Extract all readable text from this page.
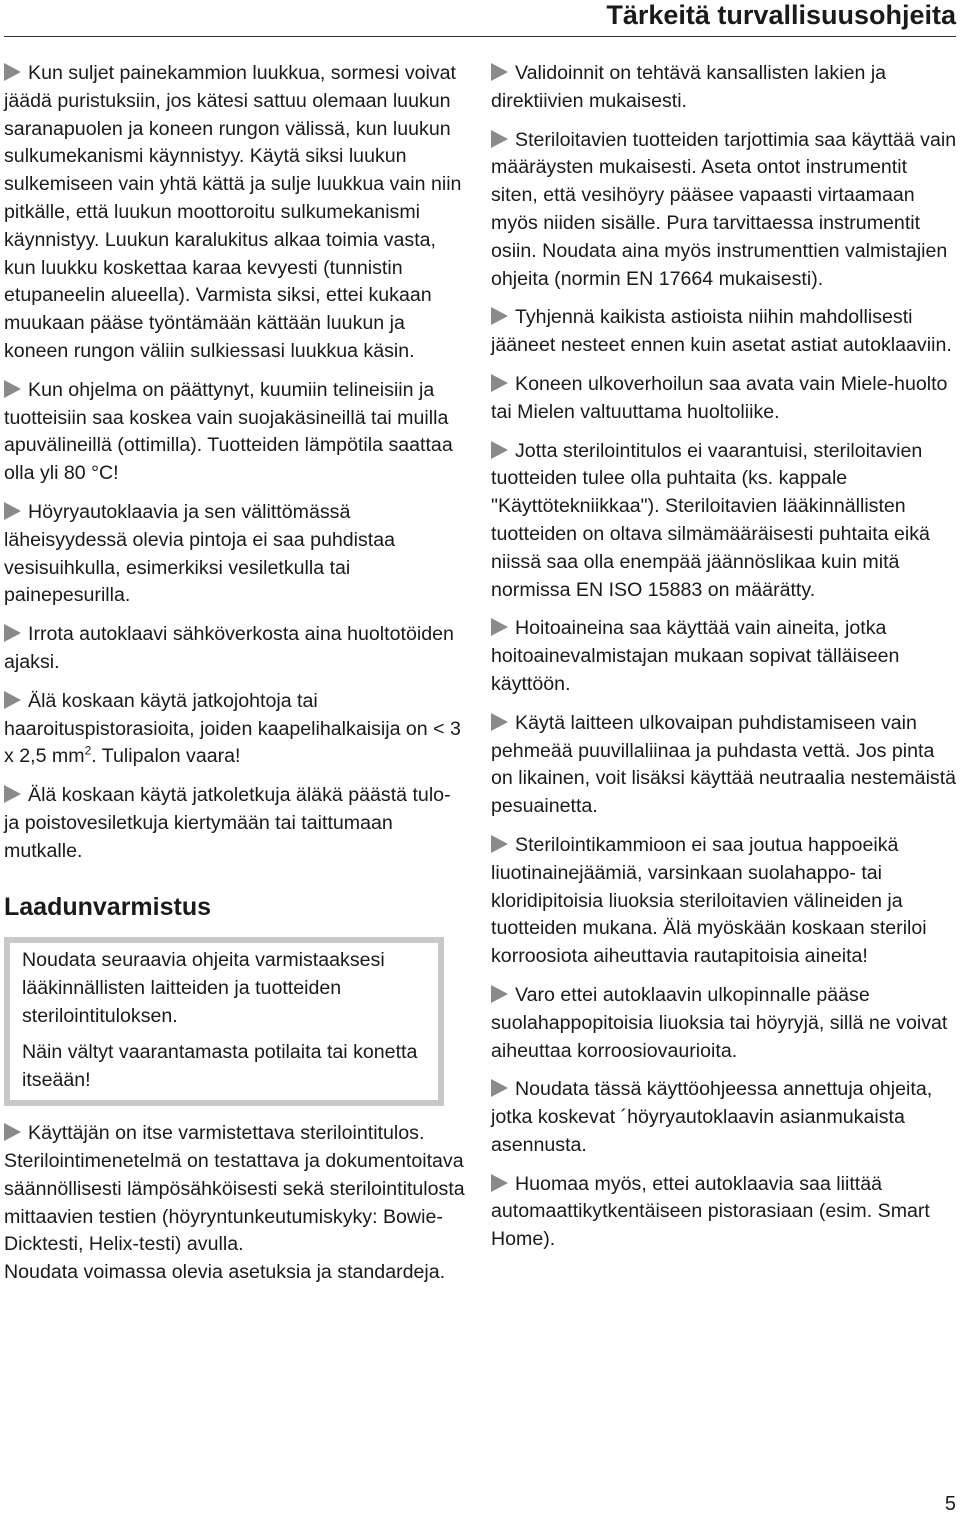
Tärkeitä turvallisuusohjeita

Kun suljet painekammion luukkua, sormesi voivat jäädä puristuksiin, jos kätesi sattuu olemaan luukun saranapuolen ja koneen rungon välissä, kun luukun sulkumekanismi käynnistyy. Käytä siksi luukun sulkemiseen vain yhtä kättä ja sulje luukkua vain niin pitkälle, että luukun moottoroitu sulkumekanismi käynnistyy. Luukun karalukitus alkaa toimia vasta, kun luukku koskettaa karaa kevyesti (tunnistin etupaneelin alueella). Varmista siksi, ettei kukaan muukaan pääse työntämään kättään luukun ja koneen rungon väliin sulkiessasi luukkua käsin.

Kun ohjelma on päättynyt, kuumiin telineisiin ja tuotteisiin saa koskea vain suojakäsineillä tai muilla apuvälineillä (ottimilla). Tuotteiden lämpötila saattaa olla yli 80 °C!

Höyryautoklaavia ja sen välittömässä läheisyydessä olevia pintoja ei saa puhdistaa vesisuihkulla, esimerkiksi vesiletkulla tai painepesurilla.

Irrota autoklaavi sähköverkosta aina huoltotöiden ajaksi.

Älä koskaan käytä jatkojohtoja tai haaroituspistorasioita, joiden kaapelihalkaisija on < 3 x 2,5 $mm^2$. Tulipalon vaara!

Älä koskaan käytä jatkoletkuja äläkä päästä tulo- ja poistovesiletkuja kiertymään tai taittumaan mutkalle.

Laadunvarmistus

Noudata seuraavia ohjeita varmistaaksesi lääkinnällisten laitteiden ja tuotteiden sterilointituloksen.

Näin vältyt vaarantamasta potilaita tai konetta itseään!

Käyttäjän on itse varmistettava sterilointitulos. Sterilointimenetelmä on testattava ja dokumentoitava säännöllisesti lämpösähköisesti sekä sterilointitulosta mittaavien testien (höyryntunkeutumiskyky: Bowie-Dicktesti, Helix-testi) avulla.

Noudata voimassa olevia asetuksia ja standardeja.

Validoinnit on tehtävä kansallisten lakien ja direktiivien mukaisesti.

Steriloitavien tuotteiden tarjottimia saa käyttää vain määräysten mukaisesti. Aseta ontot instrumentit siten, että vesihöyry pääsee vapaasti virtaamaan myös niiden sisälle. Pura tarvittaessa instrumentit osiin. Noudata aina myös instrumenttien valmistajien ohjeita (normin EN 17664 mukaisesti).

Tyhjennä kaikista astioista niihin mahdollisesti jääneet nesteet ennen kuin asetat astiat autoklaaviin.

Koneen ulkoverhoilun saa avata vain Miele-huolto tai Mielen valtuuttama huoltoliike.

Jotta sterilointitulos ei vaarantuisi, steriloitavien tuotteiden tulee olla puhtaita (ks. kappale "Käyttötekniikkaa"). Steriloitavien lääkinnällisten tuotteiden on oltava silmämääräisesti puhtaita eikä niissä saa olla enempää jäännöslikaa kuin mitä normissa EN ISO 15883 on määrätty.

Hoitoaineina saa käyttää vain aineita, jotka hoitoainevalmistajan mukaan sopivat tälläiseen käyttöön.

Käytä laitteen ulkovaipan puhdistamiseen vain pehmeää puuvillaliinaa ja puhdasta vettä. Jos pinta on likainen, voit lisäksi käyttää neutraalia nestemäistä pesuainetta.

Sterilointikammioon ei saa joutua happoeikä liuotinainejäämiä, varsinkaan suolahappo- tai kloridipitoisia liuoksia steriloitavien välineiden ja tuotteiden mukana. Älä myöskään koskaan steriloi korroosiota aiheuttavia rautapitoisia aineita!

Varo ettei autoklaavin ulkopinnalle pääse suolahappopitoisia liuoksia tai höyryjä, sillä ne voivat aiheuttaa korroosiovaurioita.

Noudata tässä käyttöohjeessa annettuja ohjeita, jotka koskevat ´höyryautoklaavin asianmukaista asennusta.

Huomaa myös, ettei autoklaavia saa liittää automaattikytkentäiseen pistorasiaan (esim. Smart Home).

5
